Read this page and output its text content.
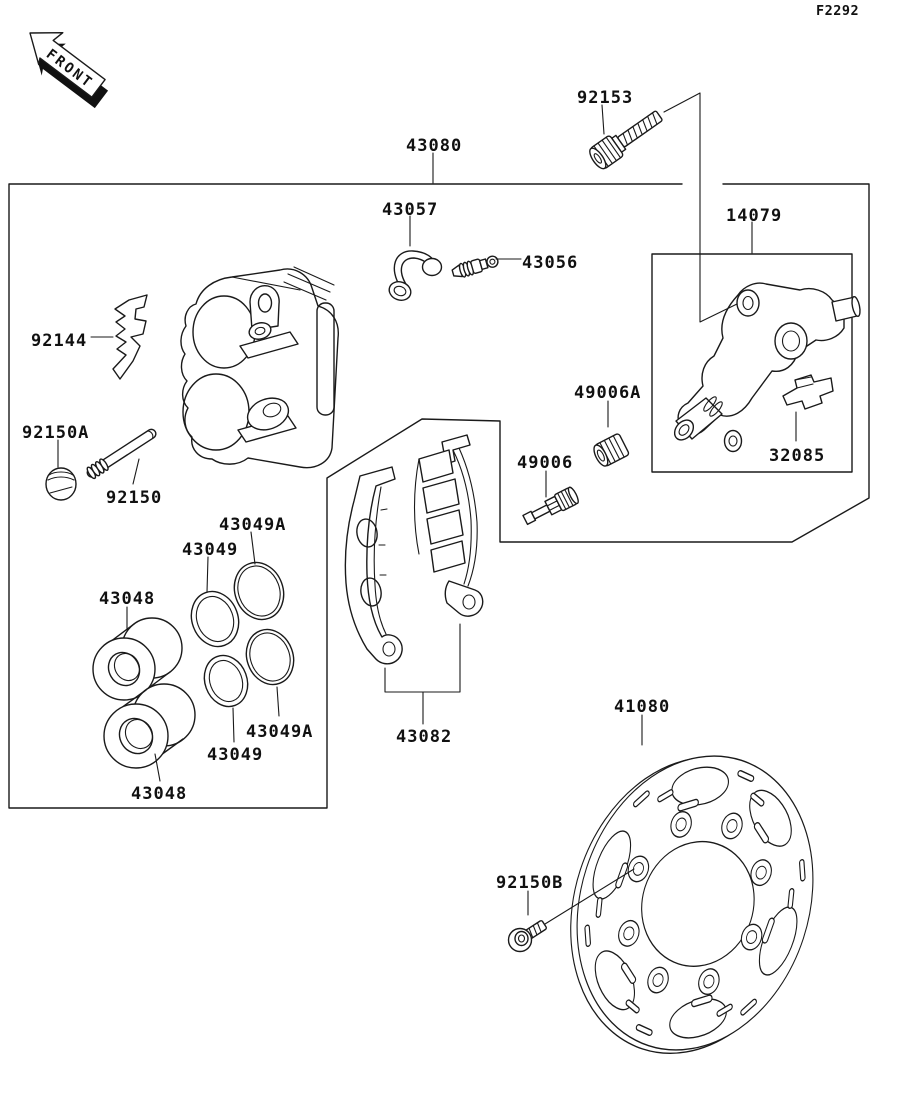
FRONT
F2292
43080
92153
14079
43057
43056
92144
92150A
92150
49006A
49006	32085
43049A
43049
43048
43049A
43049
43048
43082
41080
92150B
